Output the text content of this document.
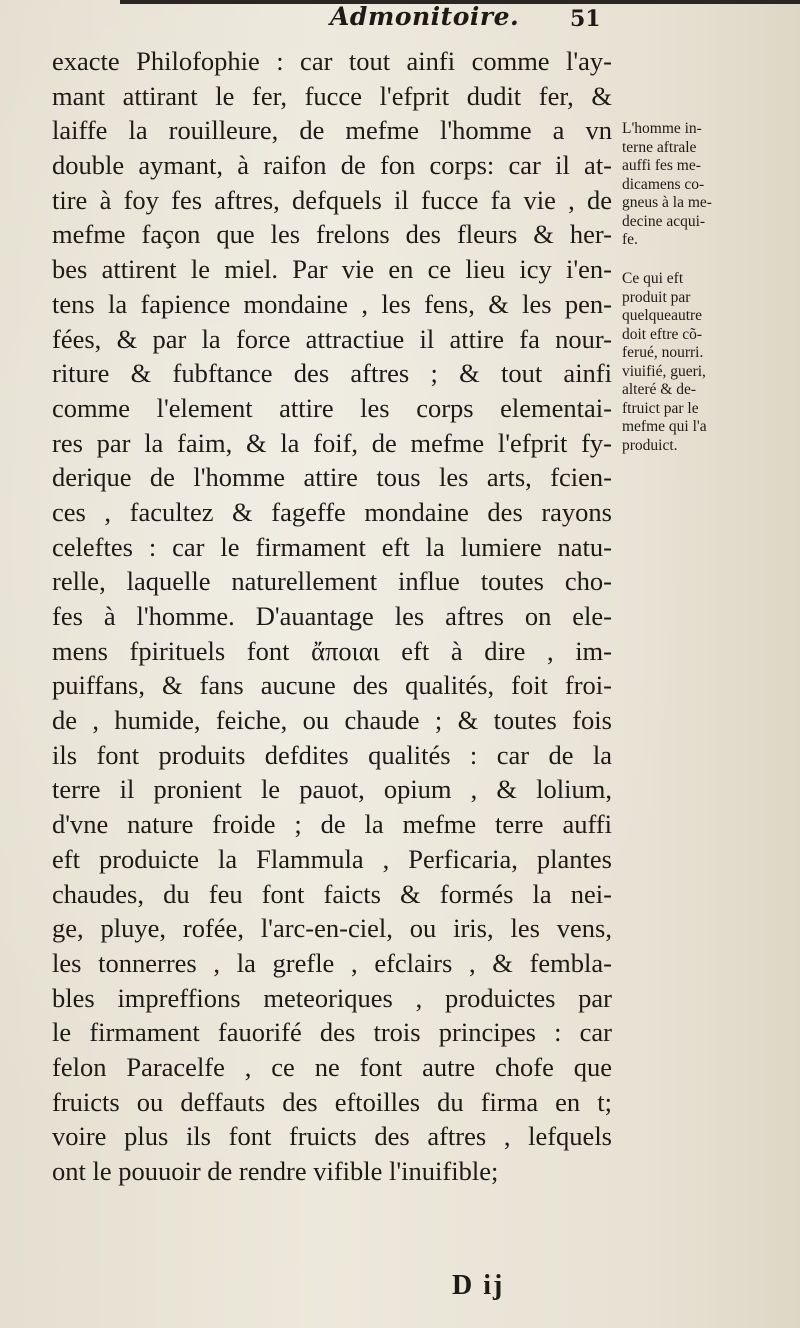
Admonitoire. 51
exacte Philofophie : car tout ainfi comme l'ay-
mant attirant le fer, fucce l'efprit dudit fer, &
laiffe la rouilleure, de mefme l'homme a vn
double aymant, à raifon de fon corps: car il at-
tire à foy fes aftres, defquels il fucce fa vie , de
mefme façon que les frelons des fleurs & her-
bes attirent le miel. Par vie en ce lieu icy i'en-
tens la fapience mondaine , les fens, & les pen-
fées, & par la force attractiue il attire fa nour-
riture & fubftance des aftres ; & tout ainfi
comme l'element attire les corps elementai-
res par la faim, & la foif, de mefme l'efprit fy-
derique de l'homme attire tous les arts, fcien-
ces , facultez & fageffe mondaine des rayons
celeftes : car le firmament eft la lumiere natu-
relle, laquelle naturellement influe toutes cho-
fes à l'homme. D'auantage les aftres on ele-
mens fpirituels font ἄποιαι eft à dire , im-
puiffans, & fans aucune des qualités, foit froi-
de , humide, feiche, ou chaude ; & toutes fois
ils font produits defdites qualités : car de la
terre il pronient le pauot, opium , & lolium,
d'vne nature froide ; de la mefme terre auffi
eft produicte la Flammula , Perficaria, plantes
chaudes, du feu font faicts & formés la nei-
ge, pluye, rofée, l'arc-en-ciel, ou iris, les vens,
les tonnerres , la grefle , efclairs , & fembla-
bles impreffions meteoriques , produictes par
le firmament fauorifé des trois principes : car
felon Paracelfe , ce ne font autre chofe que
fruicts ou deffauts des eftoilles du firma en t;
voire plus ils font fruicts des aftres , lefquels
ont le pouuoir de rendre vifible l'inuifible;
L'homme in-
terne aftrale
auffi fes me-
dicamens co-
gneus à la me-
decine acqui-
fe.
Ce qui eft
produit par
quelqueautre
doit eftre cõ-
ferué, nourri.
viuifié, gueri,
alteré & de-
ftruict par le
mefme qui l'a
produict.
D ij
